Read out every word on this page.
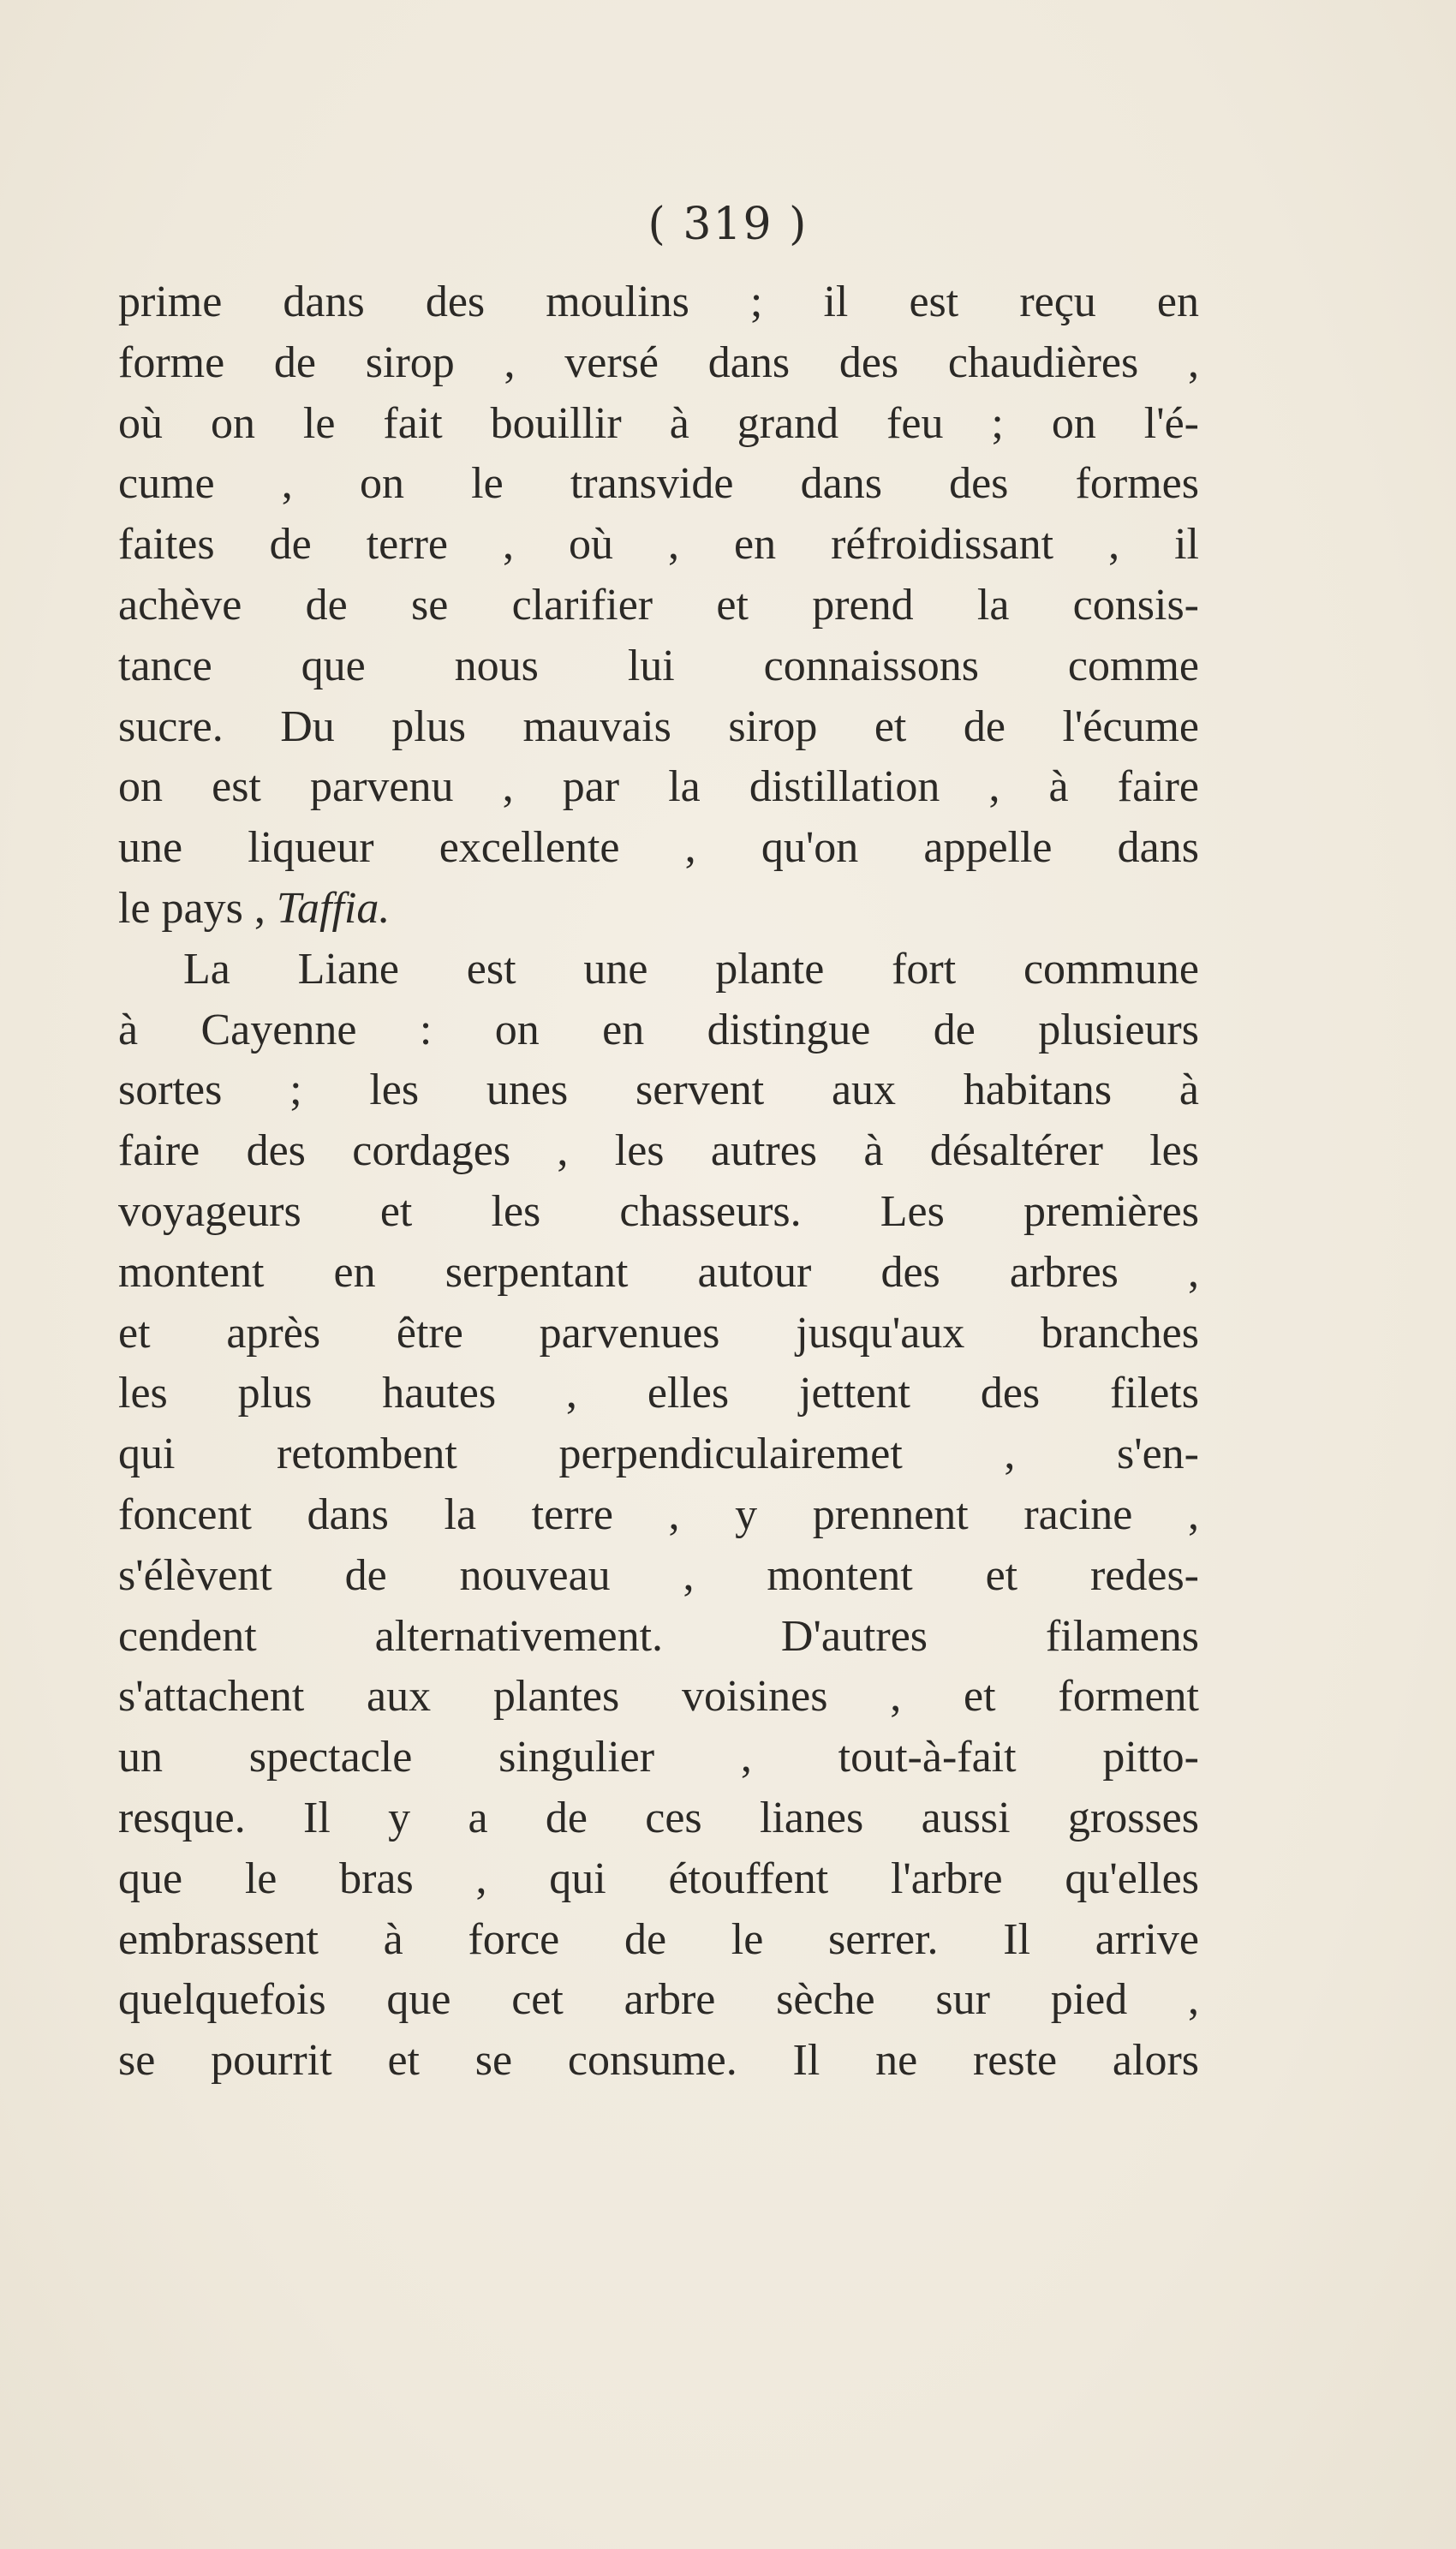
( 319 )
prime dans des moulins ; il est reçu en
forme de sirop , versé dans des chaudières ,
où on le fait bouillir à grand feu ; on l'é-
cume , on le transvide dans des formes
faites de terre , où , en réfroidissant , il
achève de se clarifier et prend la consis-
tance que nous lui connaissons comme
sucre. Du plus mauvais sirop et de l'écume
on est parvenu , par la distillation , à faire
une liqueur excellente , qu'on appelle dans
le pays , Taffia.
La Liane est une plante fort commune
à Cayenne : on en distingue de plusieurs
sortes ; les unes servent aux habitans à
faire des cordages , les autres à désaltérer les
voyageurs et les chasseurs. Les premières
montent en serpentant autour des arbres ,
et après être parvenues jusqu'aux branches
les plus hautes , elles jettent des filets
qui retombent perpendiculairemet , s'en-
foncent dans la terre , y prennent racine ,
s'élèvent de nouveau , montent et redes-
cendent alternativement. D'autres filamens
s'attachent aux plantes voisines , et forment
un spectacle singulier , tout-à-fait pitto-
resque. Il y a de ces lianes aussi grosses
que le bras , qui étouffent l'arbre qu'elles
embrassent à force de le serrer. Il arrive
quelquefois que cet arbre sèche sur pied ,
se pourrit et se consume. Il ne reste alors
